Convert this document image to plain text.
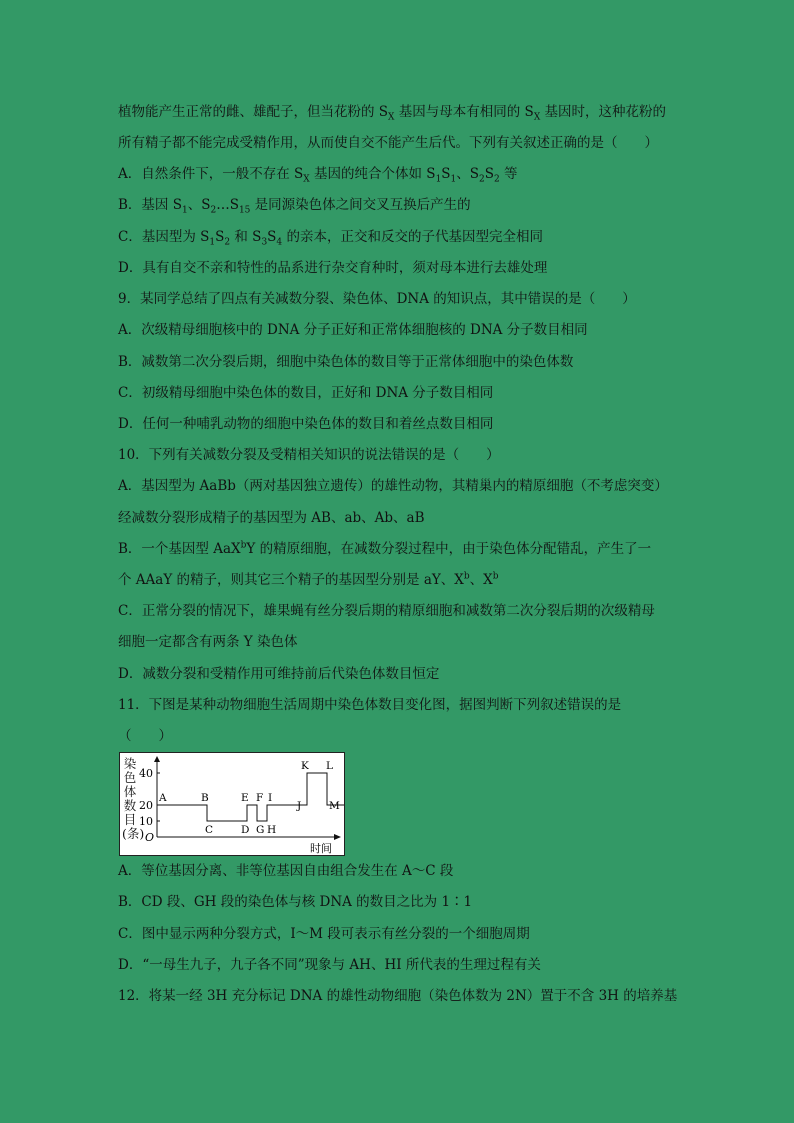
植物能产生正常的雌、雄配子，但当花粉的 $S_X$ 基因与母本有相同的 $S_X$ 基因时，这种花粉的
所有精子都不能完成受精作用，从而使自交不能产生后代。下列有关叙述正确的是（　　）
A．自然条件下，一般不存在 $S_X$ 基因的纯合个体如 $S_1S_1$、$S_2S_2$ 等
B．基因 $S_1$、$S_2\dots S_{15}$ 是同源染色体之间交叉互换后产生的
C．基因型为 $S_1S_2$ 和 $S_3S_4$ 的亲本，正交和反交的子代基因型完全相同
D．具有自交不亲和特性的品系进行杂交育种时，须对母本进行去雄处理
9．某同学总结了四点有关减数分裂、染色体、DNA 的知识点，其中错误的是（　　）
A．次级精母细胞核中的 DNA 分子正好和正常体细胞核的 DNA 分子数目相同
B．减数第二次分裂后期，细胞中染色体的数目等于正常体细胞中的染色体数
C．初级精母细胞中染色体的数目，正好和 DNA 分子数目相同
D．任何一种哺乳动物的细胞中染色体的数目和着丝点数目相同
10．下列有关减数分裂及受精相关知识的说法错误的是（　　）
A．基因型为 AaBb（两对基因独立遗传）的雄性动物，其精巢内的精原细胞（不考虑突变）
经减数分裂形成精子的基因型为 AB、ab、Ab、aB
B．一个基因型 AaX$^b$Y 的精原细胞，在减数分裂过程中，由于染色体分配错乱，产生了一
个 AAaY 的精子，则其它三个精子的基因型分别是 aY、$X^b$、$X^b$
C．正常分裂的情况下，雄果蝇有丝分裂后期的精原细胞和减数第二次分裂后期的次级精母
细胞一定都含有两条 Y 染色体
D．减数分裂和受精作用可维持前后代染色体数目恒定
11．下图是某种动物细胞生活周期中染色体数目变化图，据图判断下列叙述错误的是
（　　）
A．等位基因分离、非等位基因自由组合发生在 A～C 段
B．CD 段、GH 段的染色体与核 DNA 的数目之比为 1∶1
C．图中显示两种分裂方式，Ⅰ～M 段可表示有丝分裂的一个细胞周期
D．“一母生九子，九子各不同”现象与 AH、HI 所代表的生理过程有关
12．将某一经 3H 充分标记 DNA 的雄性动物细胞（染色体数为 2N）置于不含 3H 的培养基
染色体数目(条)
40
20
10
O
时间
A	B
C	D
E F
G H
I
J
K L
M
